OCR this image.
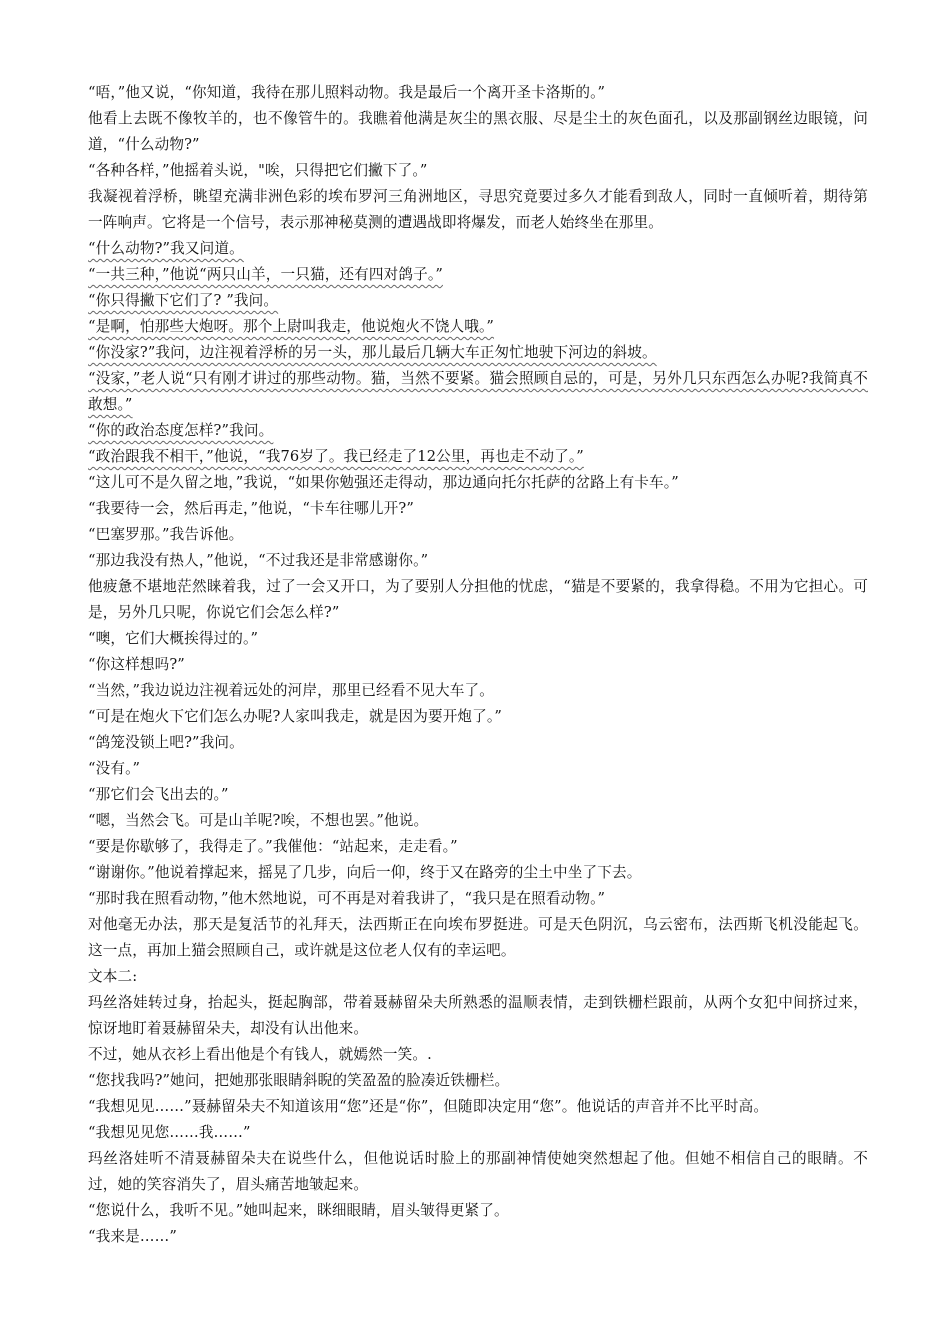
“唔，”他又说，“你知道，我待在那儿照料动物。我是最后一个离开圣卡洛斯的。”

他看上去既不像牧羊的，也不像管牛的。我瞧着他满是灰尘的黑衣服、尽是尘土的灰色面孔，以及那副钢丝边眼镜，问道，“什么动物?”

“各种各样，”他摇着头说，"唉，只得把它们撇下了。”

我凝视着浮桥，眺望充满非洲色彩的埃布罗河三角洲地区，寻思究竟要过多久才能看到敌人，同时一直倾听着，期待第一阵响声。它将是一个信号，表示那神秘莫测的遭遇战即将爆发，而老人始终坐在那里。

“什么动物?”我又问道。

“一共三种，”他说“两只山羊，一只猫，还有四对鸽子。”

“你只得撇下它们了? ”我问。

“是啊，怕那些大炮呀。那个上尉叫我走，他说炮火不饶人哦。”

“你没家?”我问，边注视着浮桥的另一头，那儿最后几辆大车正匆忙地驶下河边的斜坡。

“没家，”老人说“只有刚才讲过的那些动物。猫，当然不要紧。猫会照顾自忌的，可是，另外几只东西怎么办呢?我简真不敢想。”

“你的政治态度怎样?”我问。

“政治跟我不相干，”他说，“我76岁了。我已经走了12公里，再也走不动了。”

“这儿可不是久留之地，”我说，“如果你勉强还走得动，那边通向托尔托萨的岔路上有卡车。”

“我要待一会，然后再走，”他说，“卡车往哪儿开?”

“巴塞罗那。”我告诉他。

“那边我没有热人，”他说，“不过我还是非常感谢你。”

他疲惫不堪地茫然睐着我，过了一会又开口，为了要别人分担他的忧虑，“猫是不要紧的，我拿得稳。不用为它担心。可是，另外几只呢，你说它们会怎么样?”

“噢，它们大概挨得过的。”

“你这样想吗?”

“当然，”我边说边注视着远处的河岸，那里已经看不见大车了。

“可是在炮火下它们怎么办呢?人家叫我走，就是因为要开炮了。”

“鸽笼没锁上吧?”我问。

“没有。”

“那它们会飞出去的。”

“嗯，当然会飞。可是山羊呢?唉，不想也罢。”他说。

“要是你歇够了，我得走了。”我催他：“站起来，走走看。”

“谢谢你。”他说着撑起来，摇晃了几步，向后一仰，终于又在路旁的尘土中坐了下去。

“那时我在照看动物，”他木然地说，可不再是对着我讲了，“我只是在照看动物。”

对他毫无办法，那天是复活节的礼拜天，法西斯正在向埃布罗挺进。可是天色阴沉，乌云密布，法西斯飞机没能起飞。这一点，再加上猫会照顾自己，或许就是这位老人仅有的幸运吧。

文本二:

玛丝洛娃转过身，抬起头，挺起胸部，带着聂赫留朵夫所熟悉的温顺表情，走到铁栅栏跟前，从两个女犯中间挤过来，惊讶地盯着聂赫留朵夫，却没有认出他来。

不过，她从衣衫上看出他是个有钱人，就嫣然一笑。.

“您找我吗?”她问，把她那张眼睛斜睨的笑盈盈的脸凑近铁栅栏。

“我想见见……”聂赫留朵夫不知道该用“您”还是“你”，但随即决定用“您”。他说话的声音并不比平时高。

“我想见见您……我……”

玛丝洛娃听不清聂赫留朵夫在说些什么，但他说话时脸上的那副神情使她突然想起了他。但她不相信自己的眼睛。不过，她的笑容消失了，眉头痛苦地皱起来。

“您说什么，我听不见。”她叫起来，眯细眼睛，眉头皱得更紧了。

“我来是……”
